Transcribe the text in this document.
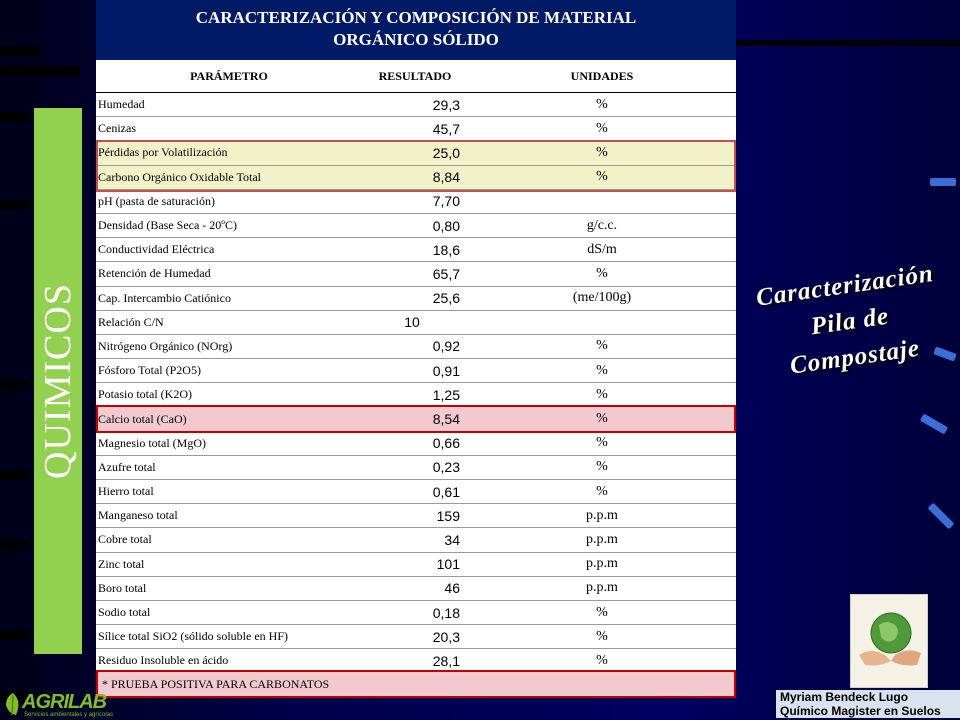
QUIMICOS
CARACTERIZACIÓN Y COMPOSICIÓN DE MATERIAL
ORGÁNICO SÓLIDO
PARÁMETRO	RESULTADO	UNIDADES
Humedad	29,3	%
Cenizas	45,7	%
Pérdidas por Volatilización	25,0	%
Carbono Orgánico Oxidable Total	8,84	%
pH (pasta de saturación)	7,70	
Densidad (Base Seca - 20ºC)	0,80	g/c.c.
Conductividad Eléctrica	18,6	dS/m
Retención de Humedad	65,7	%
Cap. Intercambio Catiónico	25,6	(me/100g)
Relación C/N	10	
Nitrógeno Orgánico (NOrg)	0,92	%
Fósforo Total (P2O5)	0,91	%
Potasio total (K2O)	1,25	%
Calcio total (CaO)	8,54	%
Magnesio total (MgO)	0,66	%
Azufre total	0,23	%
Hierro total	0,61	%
Manganeso total	159	p.p.m
Cobre total	34	p.p.m
Zinc total	101	p.p.m
Boro total	46	p.p.m
Sodio total	0,18	%
Sílice total SiO2 (sólido soluble en HF)	20,3	%
Residuo Insoluble en ácido	28,1	%
* PRUEBA POSITIVA PARA CARBONATOS
Caracterización
Pila de
Compostaje
Myriam Bendeck Lugo
Químico Magister en Suelos
AGRILAB
Servicios ambientales y agrícolas
